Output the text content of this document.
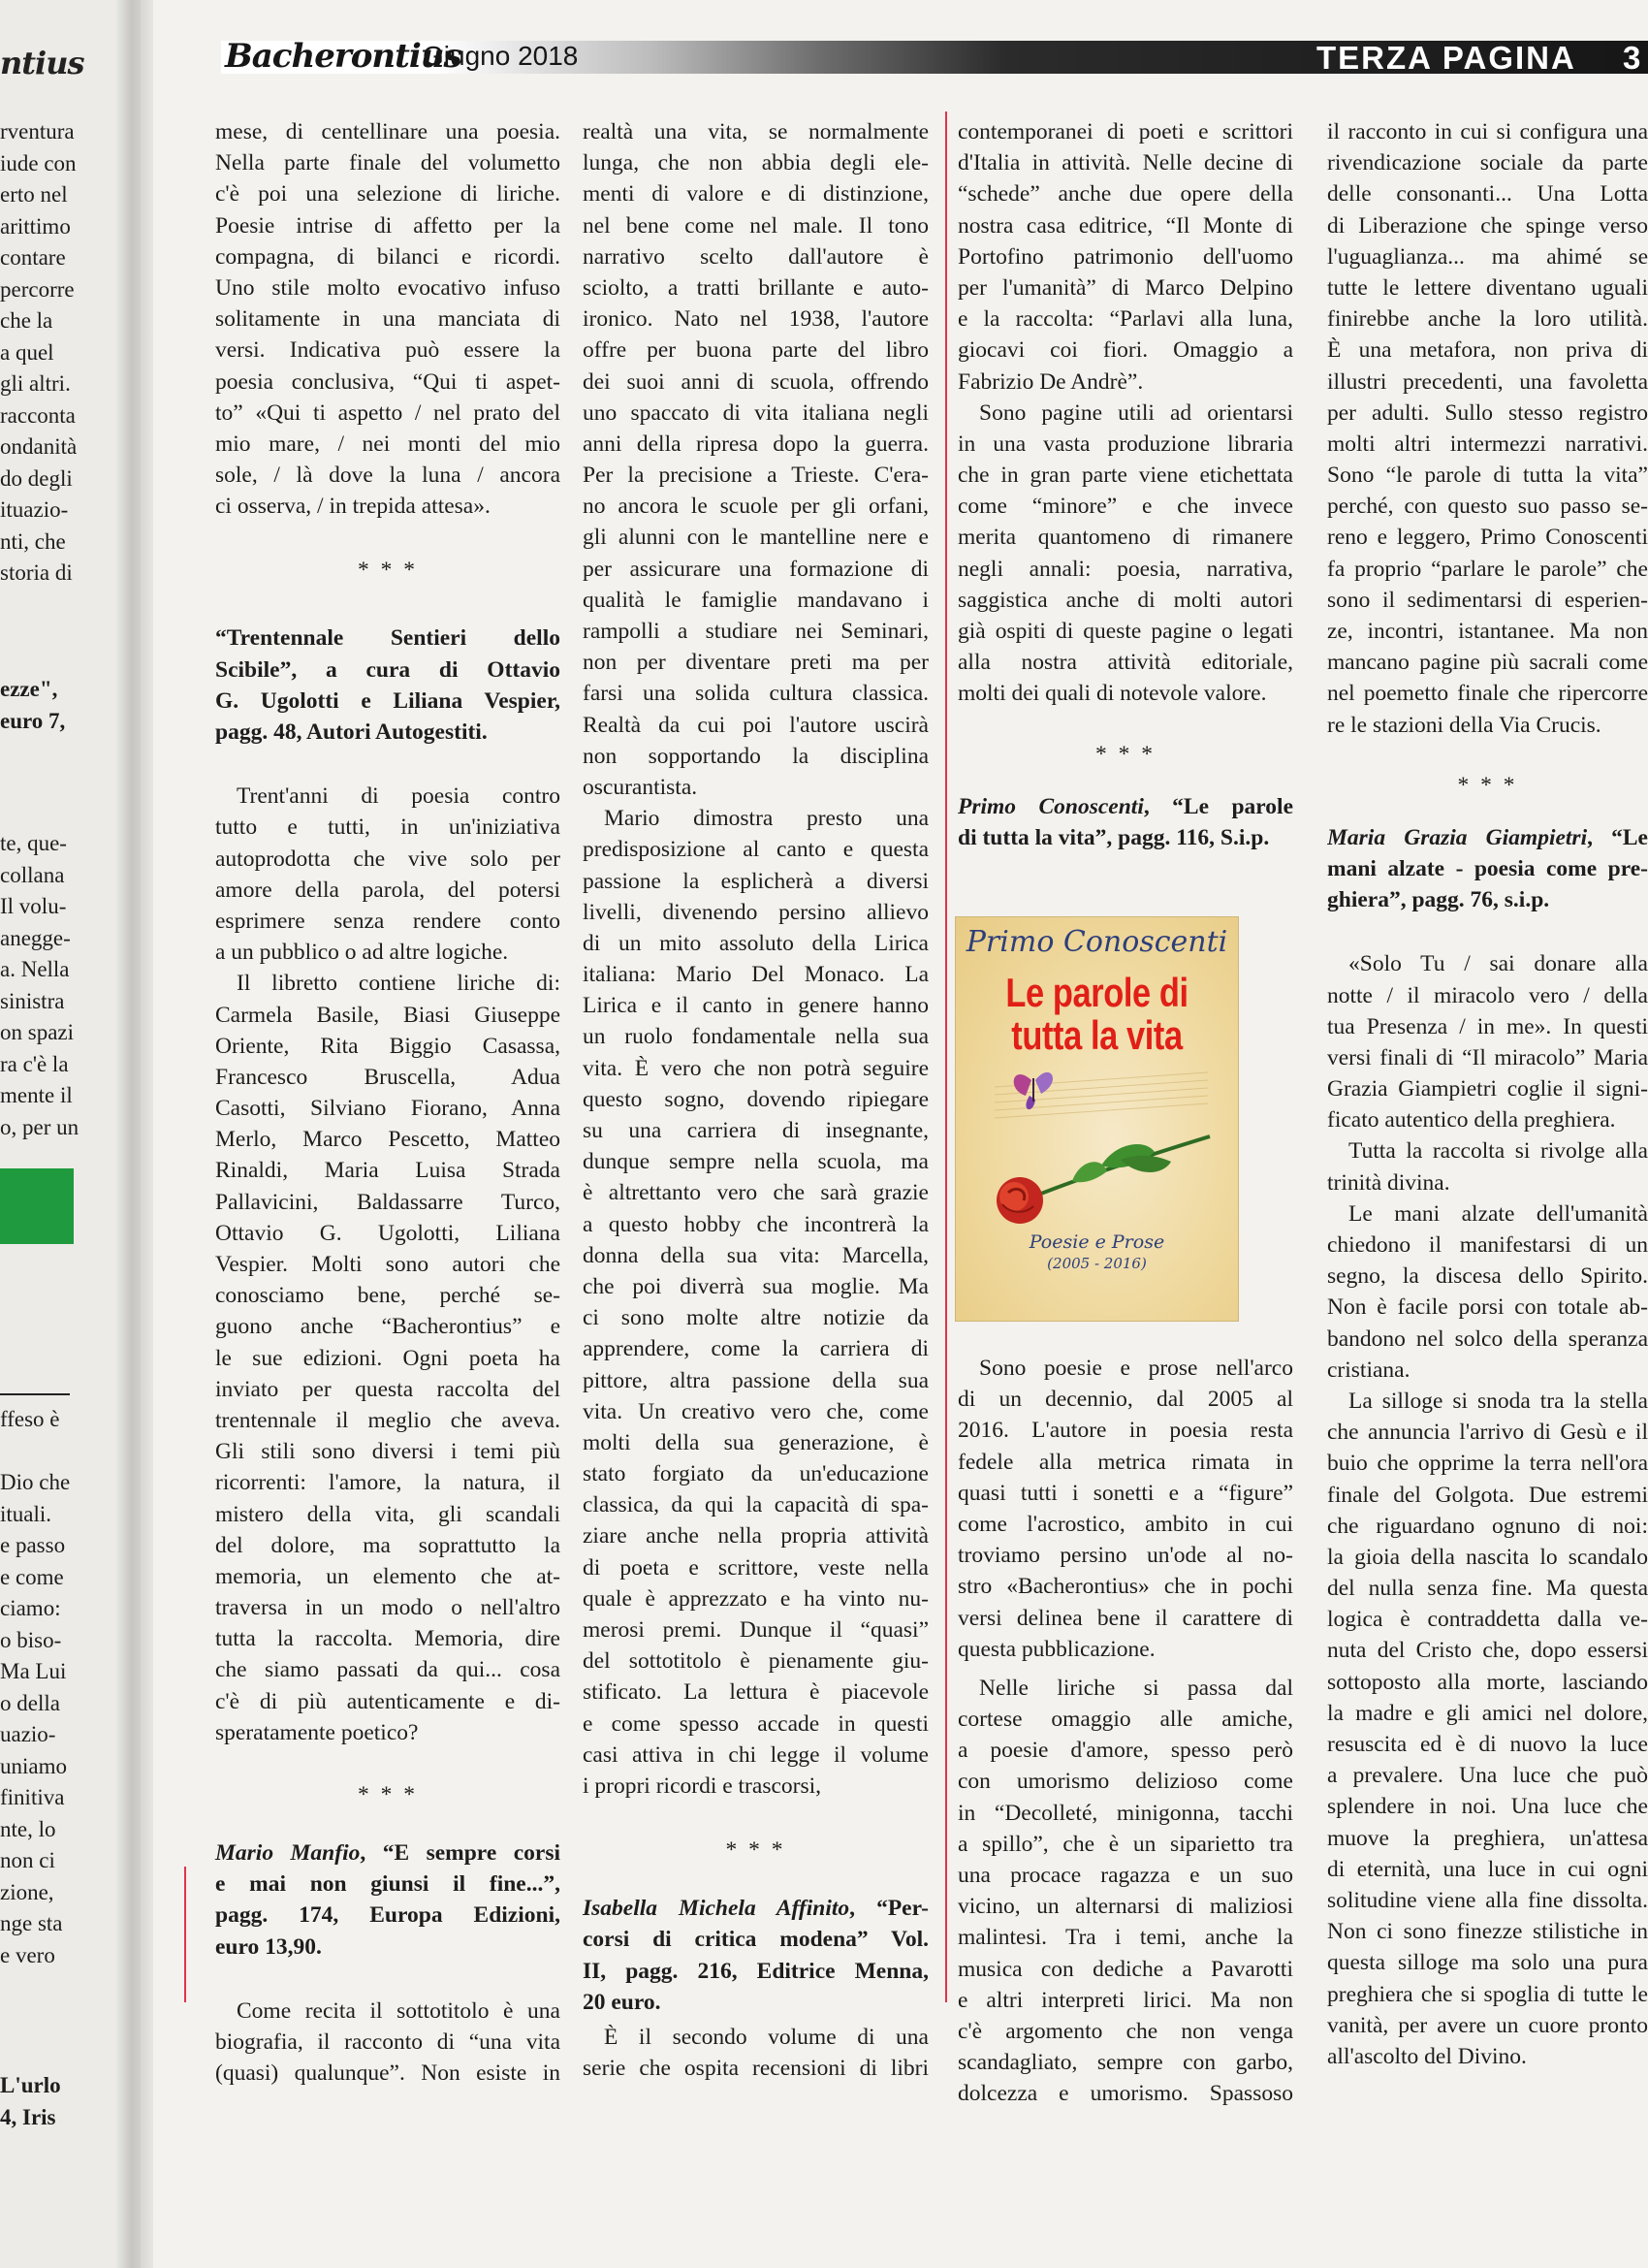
ntius
rventura
iude con
erto nel
arittimo
contare
percorre
che la
a quel
gli altri.
racconta
ondanità
do degli
ituazio-
nti, che
storia di
ezze",
euro 7,
te, que-
collana
Il volu-
anegge-
a. Nella
sinistra
on spazi
ra c'è la
mente il
o, per un
ffeso è
Dio che
ituali.
e passo
e come
ciamo:
o biso-
Ma Lui
o della
uazio-
uniamo
finitiva
nte, lo
non ci
zione,
nge sta
e vero
L'urlo
4, Iris
Bacherontius
Giugno 2018	TERZA PAGINA 3
mese, di centellinare una poesia.
Nella parte finale del volumetto
c'è poi una selezione di liriche.
Poesie intrise di affetto per la
compagna, di bilanci e ricordi.
Uno stile molto evocativo infuso
solitamente in una manciata di
versi. Indicativa può essere la
poesia conclusiva, “Qui ti aspet-
to” «Qui ti aspetto / nel prato del
mio mare, / nei monti del mio
sole, / là dove la luna / ancora
ci osserva, / in trepida attesa».
* * *
“Trentennale Sentieri dello
Scibile”, a cura di Ottavio
G. Ugolotti e Liliana Vespier,
pagg. 48, Autori Autogestiti.
Trent'anni di poesia contro
tutto e tutti, in un'iniziativa
autoprodotta che vive solo per
amore della parola, del potersi
esprimere senza rendere conto
a un pubblico o ad altre logiche.
Il libretto contiene liriche di:
Carmela Basile, Biasi Giuseppe
Oriente, Rita Biggio Casassa,
Francesco Bruscella, Adua
Casotti, Silviano Fiorano, Anna
Merlo, Marco Pescetto, Matteo
Rinaldi, Maria Luisa Strada
Pallavicini, Baldassarre Turco,
Ottavio G. Ugolotti, Liliana
Vespier. Molti sono autori che
conosciamo bene, perché se-
guono anche “Bacherontius” e
le sue edizioni. Ogni poeta ha
inviato per questa raccolta del
trentennale il meglio che aveva.
Gli stili sono diversi i temi più
ricorrenti: l'amore, la natura, il
mistero della vita, gli scandali
del dolore, ma soprattutto la
memoria, un elemento che at-
traversa in un modo o nell'altro
tutta la raccolta. Memoria, dire
che siamo passati da qui... cosa
c'è di più autenticamente e di-
speratamente poetico?
* * *
Mario Manfio, “E sempre corsi
e mai non giunsi il fine...”,
pagg. 174, Europa Edizioni,
euro 13,90.
Come recita il sottotitolo è una
biografia, il racconto di “una vita
(quasi) qualunque”. Non esiste in
realtà una vita, se normalmente
lunga, che non abbia degli ele-
menti di valore e di distinzione,
nel bene come nel male. Il tono
narrativo scelto dall'autore è
sciolto, a tratti brillante e auto-
ironico. Nato nel 1938, l'autore
offre per buona parte del libro
dei suoi anni di scuola, offrendo
uno spaccato di vita italiana negli
anni della ripresa dopo la guerra.
Per la precisione a Trieste. C'era-
no ancora le scuole per gli orfani,
gli alunni con le mantelline nere e
per assicurare una formazione di
qualità le famiglie mandavano i
rampolli a studiare nei Seminari,
non per diventare preti ma per
farsi una solida cultura classica.
Realtà da cui poi l'autore uscirà
non sopportando la disciplina
oscurantista.
Mario dimostra presto una
predisposizione al canto e questa
passione la esplicherà a diversi
livelli, divenendo persino allievo
di un mito assoluto della Lirica
italiana: Mario Del Monaco. La
Lirica e il canto in genere hanno
un ruolo fondamentale nella sua
vita. È vero che non potrà seguire
questo sogno, dovendo ripiegare
su una carriera di insegnante,
dunque sempre nella scuola, ma
è altrettanto vero che sarà grazie
a questo hobby che incontrerà la
donna della sua vita: Marcella,
che poi diverrà sua moglie. Ma
ci sono molte altre notizie da
apprendere, come la carriera di
pittore, altra passione della sua
vita. Un creativo vero che, come
molti della sua generazione, è
stato forgiato da un'educazione
classica, da qui la capacità di spa-
ziare anche nella propria attività
di poeta e scrittore, veste nella
quale è apprezzato e ha vinto nu-
merosi premi. Dunque il “quasi”
del sottotitolo è pienamente giu-
stificato. La lettura è piacevole
e come spesso accade in questi
casi attiva in chi legge il volume
i propri ricordi e trascorsi,
* * *
Isabella Michela Affinito, “Per-
corsi di critica modena” Vol.
II, pagg. 216, Editrice Menna,
20 euro.
È il secondo volume di una
serie che ospita recensioni di libri
contemporanei di poeti e scrittori
d'Italia in attività. Nelle decine di
“schede” anche due opere della
nostra casa editrice, “Il Monte di
Portofino patrimonio dell'uomo
per l'umanità” di Marco Delpino
e la raccolta: “Parlavi alla luna,
giocavi coi fiori. Omaggio a
Fabrizio De Andrè”.
Sono pagine utili ad orientarsi
in una vasta produzione libraria
che in gran parte viene etichettata
come “minore” e che invece
merita quantomeno di rimanere
negli annali: poesia, narrativa,
saggistica anche di molti autori
già ospiti di queste pagine o legati
alla nostra attività editoriale,
molti dei quali di notevole valore.
* * *
Primo Conoscenti, “Le parole
di tutta la vita”, pagg. 116, S.i.p.
Primo Conoscenti
Le parole di tutta la vita
Poesie e Prose
(2005 - 2016)
Sono poesie e prose nell'arco
di un decennio, dal 2005 al
2016. L'autore in poesia resta
fedele alla metrica rimata in
quasi tutti i sonetti e a “figure”
come l'acrostico, ambito in cui
troviamo persino un'ode al no-
stro «Bacherontius» che in pochi
versi delinea bene il carattere di
questa pubblicazione.
Nelle liriche si passa dal
cortese omaggio alle amiche,
a poesie d'amore, spesso però
con umorismo delizioso come
in “Decolleté, minigonna, tacchi
a spillo”, che è un siparietto tra
una procace ragazza e un suo
vicino, un alternarsi di maliziosi
malintesi. Tra i temi, anche la
musica con dediche a Pavarotti
e altri interpreti lirici. Ma non
c'è argomento che non venga
scandagliato, sempre con garbo,
dolcezza e umorismo. Spassoso
il racconto in cui si configura una
rivendicazione sociale da parte
delle consonanti... Una Lotta
di Liberazione che spinge verso
l'uguaglianza... ma ahimé se
tutte le lettere diventano uguali
finirebbe anche la loro utilità.
È una metafora, non priva di
illustri precedenti, una favoletta
per adulti. Sullo stesso registro
molti altri intermezzi narrativi.
Sono “le parole di tutta la vita”
perché, con questo suo passo se-
reno e leggero, Primo Conoscenti
fa proprio “parlare le parole” che
sono il sedimentarsi di esperien-
ze, incontri, istantanee. Ma non
mancano pagine più sacrali come
nel poemetto finale che ripercorre
re le stazioni della Via Crucis.
* * *
Maria Grazia Giampietri, “Le
mani alzate - poesia come pre-
ghiera”, pagg. 76, s.i.p.
«Solo Tu / sai donare alla
notte / il miracolo vero / della
tua Presenza / in me». In questi
versi finali di “Il miracolo” Maria
Grazia Giampietri coglie il signi-
ficato autentico della preghiera.
Tutta la raccolta si rivolge alla
trinità divina.
Le mani alzate dell'umanità
chiedono il manifestarsi di un
segno, la discesa dello Spirito.
Non è facile porsi con totale ab-
bandono nel solco della speranza
cristiana.
La silloge si snoda tra la stella
che annuncia l'arrivo di Gesù e il
buio che opprime la terra nell'ora
finale del Golgota. Due estremi
che riguardano ognuno di noi:
la gioia della nascita lo scandalo
del nulla senza fine. Ma questa
logica è contraddetta dalla ve-
nuta del Cristo che, dopo essersi
sottoposto alla morte, lasciando
la madre e gli amici nel dolore,
resuscita ed è di nuovo la luce
a prevalere. Una luce che può
splendere in noi. Una luce che
muove la preghiera, un'attesa
di eternità, una luce in cui ogni
solitudine viene alla fine dissolta.
Non ci sono finezze stilistiche in
questa silloge ma solo una pura
preghiera che si spoglia di tutte le
vanità, per avere un cuore pronto
all'ascolto del Divino.
